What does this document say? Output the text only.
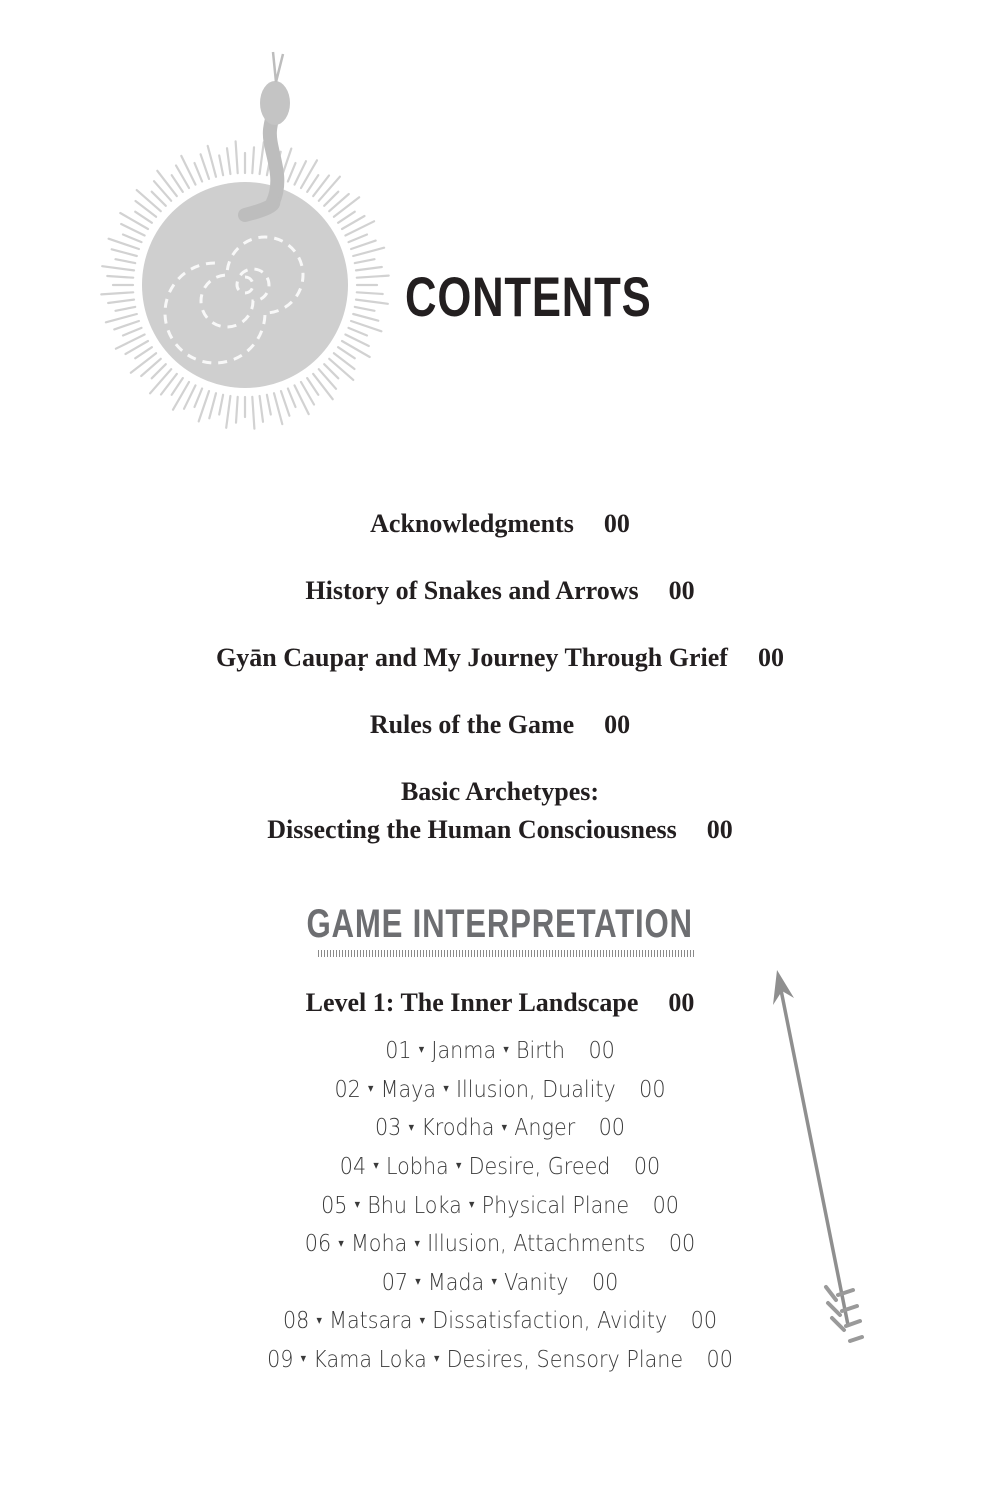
CONTENTS
Acknowledgments 00
History of Snakes and Arrows 00
Gyān Caupaṛ and My Journey Through Grief 00
Rules of the Game 00
Basic Archetypes:
Dissecting the Human Consciousness 00
GAME INTERPRETATION
Level 1: The Inner Landscape 00
01 ▾ Janma ▾ Birth 00
02 ▾ Maya ▾ Illusion, Duality 00
03 ▾ Krodha ▾ Anger 00
04 ▾ Lobha ▾ Desire, Greed 00
05 ▾ Bhu Loka ▾ Physical Plane 00
06 ▾ Moha ▾ Illusion, Attachments 00
07 ▾ Mada ▾ Vanity 00
08 ▾ Matsara ▾ Dissatisfaction, Avidity 00
09 ▾ Kama Loka ▾ Desires, Sensory Plane 00
